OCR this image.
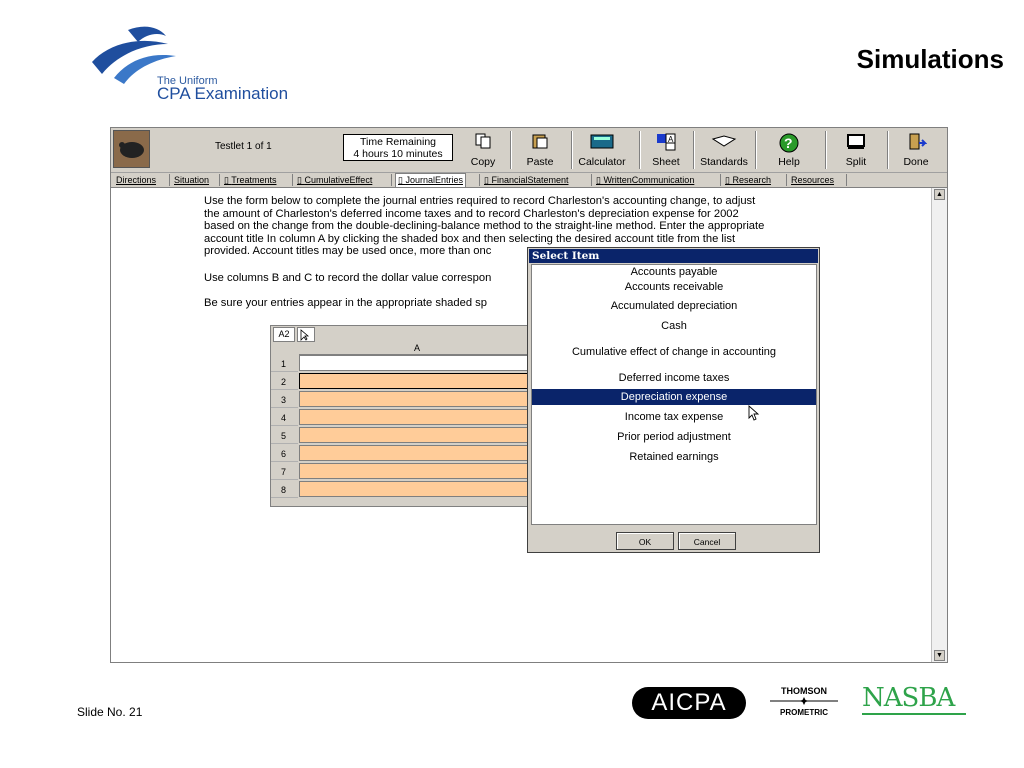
The Uniform
CPA Examination
Simulations
Testlet 1 of 1	Time Remaining
4 hours 10 minutes
Copy	Paste	Calculator
A
Sheet	Standards
?
Help	Split	Done
Directions Situation ▯ Treatments ▯ CumulativeEffect	▯ JournalEntries	▯ FinancialStatement	▯ WrittenCommunication	▯ Research Resources
▲
▼
Use the form below to complete the journal entries required to record Charleston's accounting change, to adjust
the amount of Charleston's deferred income taxes and to record Charleston's depreciation expense for 2002
based on the change from the double-declining-balance method to the straight-line method. Enter the appropriate
account title In column A by clicking the shaded box and then selecting the desired account title from the list
provided. Account titles may be used once, more than onc
Use columns B and C to record the dollar value correspon
Be sure your entries appear in the appropriate shaded sp
A2
A
1
2
3
4
5
6
7
8
Select Item
Accounts payable
Accounts receivable
Accumulated depreciation
Cash
Cumulative effect of change in accounting
Deferred income taxes
Depreciation expense
Income tax expense
Prior period adjustment
Retained earnings
OK	Cancel
Slide No. 21	AICPA	THOMSON
PROMETRIC	NASBA
